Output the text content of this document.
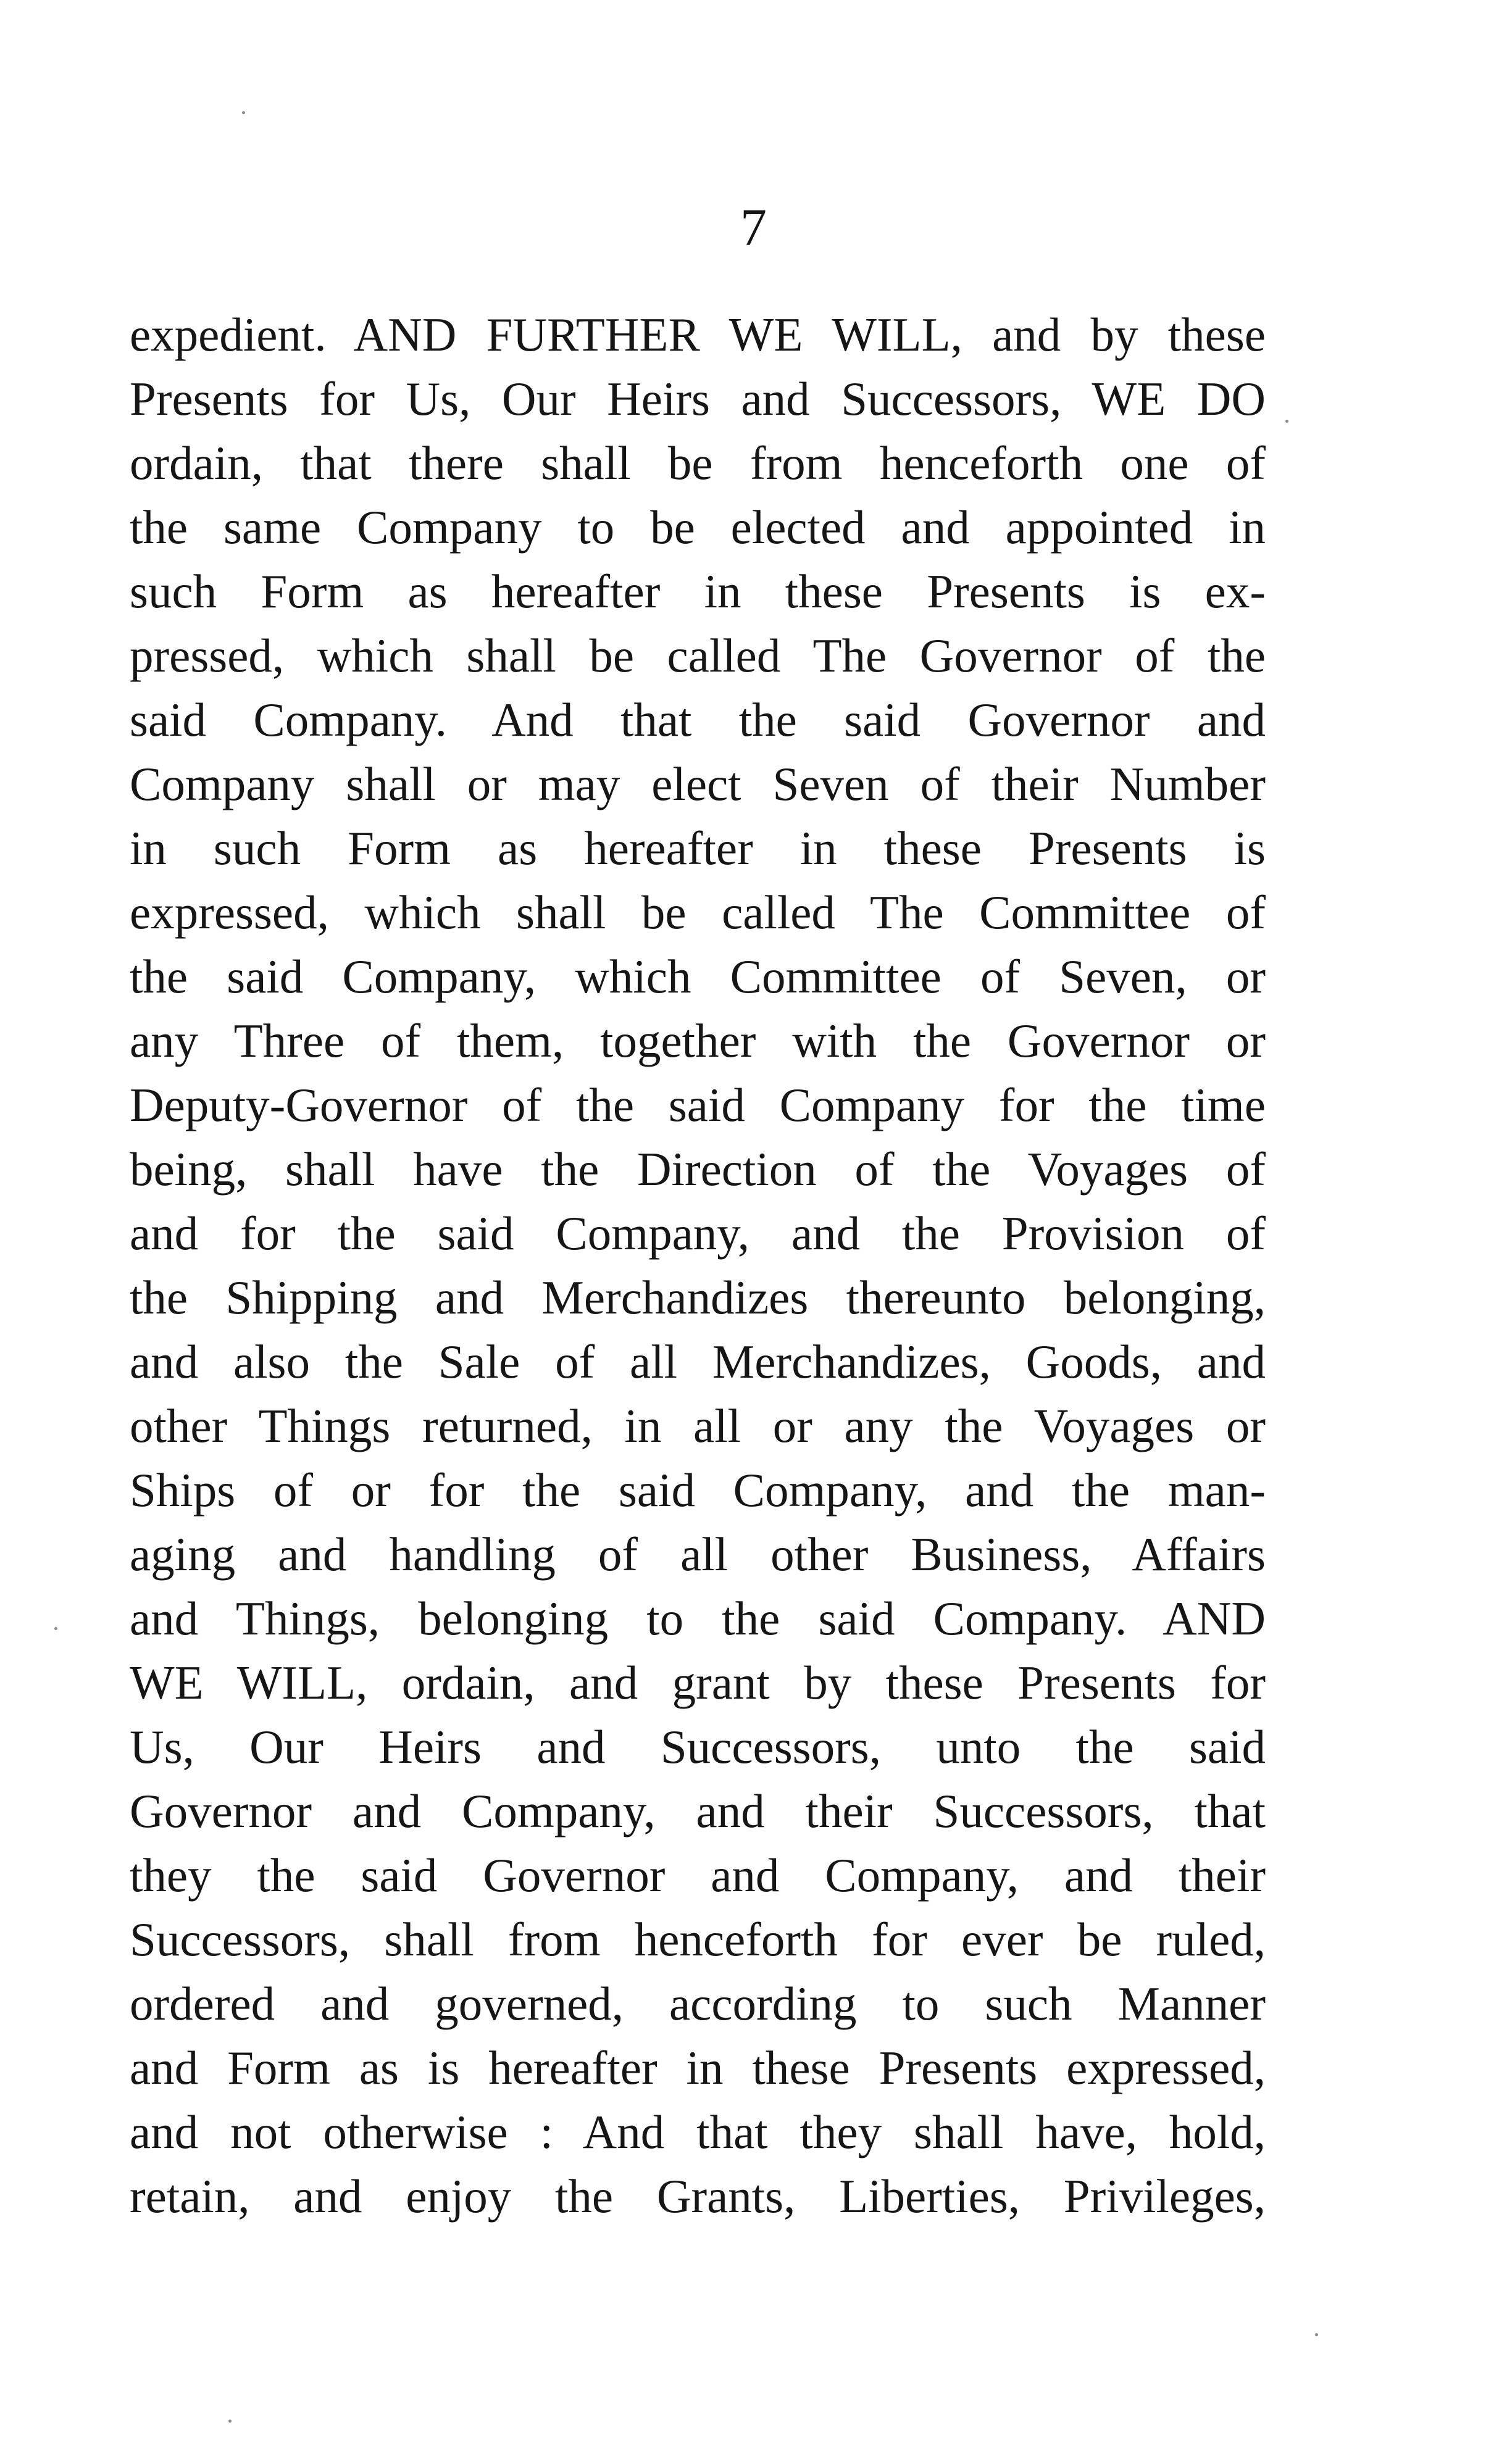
7
expedient. AND FURTHER WE WILL, and by these
Presents for Us, Our Heirs and Successors, WE DO
ordain, that there shall be from henceforth one of
the same Company to be elected and appointed in
such Form as hereafter in these Presents is ex-
pressed, which shall be called The Governor of the
said Company. And that the said Governor and
Company shall or may elect Seven of their Number
in such Form as hereafter in these Presents is
expressed, which shall be called The Committee of
the said Company, which Committee of Seven, or
any Three of them, together with the Governor or
Deputy-Governor of the said Company for the time
being, shall have the Direction of the Voyages of
and for the said Company, and the Provision of
the Shipping and Merchandizes thereunto belonging,
and also the Sale of all Merchandizes, Goods, and
other Things returned, in all or any the Voyages or
Ships of or for the said Company, and the man-
aging and handling of all other Business, Affairs
and Things, belonging to the said Company. AND
WE WILL, ordain, and grant by these Presents for
Us, Our Heirs and Successors, unto the said
Governor and Company, and their Successors, that
they the said Governor and Company, and their
Successors, shall from henceforth for ever be ruled,
ordered and governed, according to such Manner
and Form as is hereafter in these Presents expressed,
and not otherwise : And that they shall have, hold,
retain, and enjoy the Grants, Liberties, Privileges,
